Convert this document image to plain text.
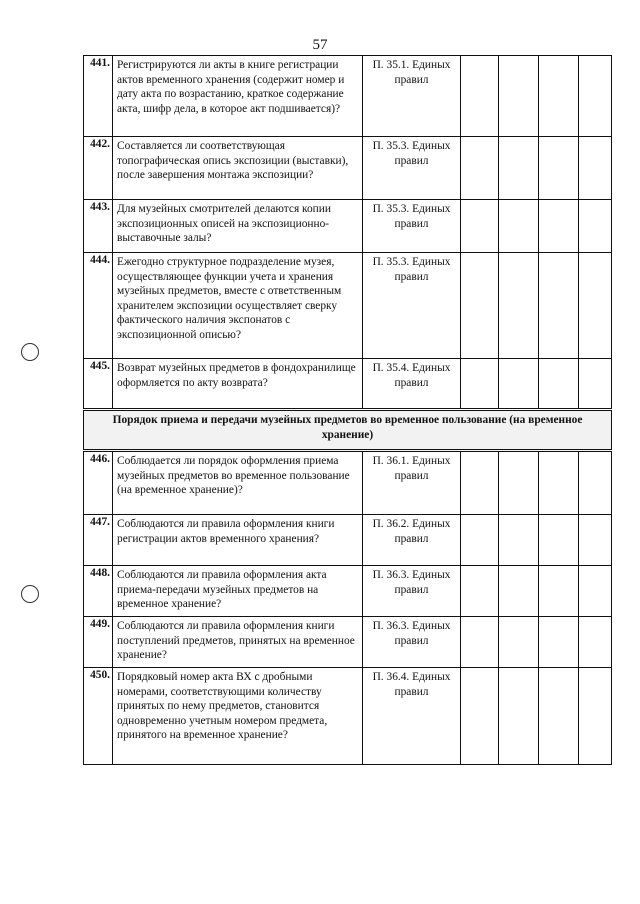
57
441.	Регистрируются ли акты в книге регистрации актов временного хранения (содержит номер и дату акта по возрастанию, краткое содержание акта, шифр дела, в которое акт подшивается)?	П. 35.1. Единых правил				
442.	Составляется ли соответствующая топографическая опись экспозиции (выставки), после завершения монтажа экспозиции?	П. 35.3. Единых правил				
443.	Для музейных смотрителей делаются копии экспозиционных описей на экспозиционно- выставочные залы?	П. 35.3. Единых правил				
444.	Ежегодно структурное подразделение музея, осуществляющее функции учета и хранения музейных предметов, вместе с ответственным хранителем экспозиции осуществляет сверку фактического наличия экспонатов с экспозиционной описью?	П. 35.3. Единых правил				
445.	Возврат музейных предметов в фондохранилище оформляется по акту возврата?	П. 35.4. Единых правил				
Порядок приема и передачи музейных предметов во временное пользование (на временное хранение)						
446.	Соблюдается ли порядок оформления приема музейных предметов во временное пользование (на временное хранение)?	П. 36.1. Единых правил				
447.	Соблюдаются ли правила оформления книги регистрации актов временного хранения?	П. 36.2. Единых правил				
448.	Соблюдаются ли правила оформления акта приема-передачи музейных предметов на временное хранение?	П. 36.3. Единых правил				
449.	Соблюдаются ли правила оформления книги поступлений предметов, принятых на временное хранение?	П. 36.3. Единых правил				
450.	Порядковый номер акта ВХ с дробными номерами, соответствующими количеству принятых по нему предметов, становится одновременно учетным номером предмета, принятого на временное хранение?	П. 36.4. Единых правил				
